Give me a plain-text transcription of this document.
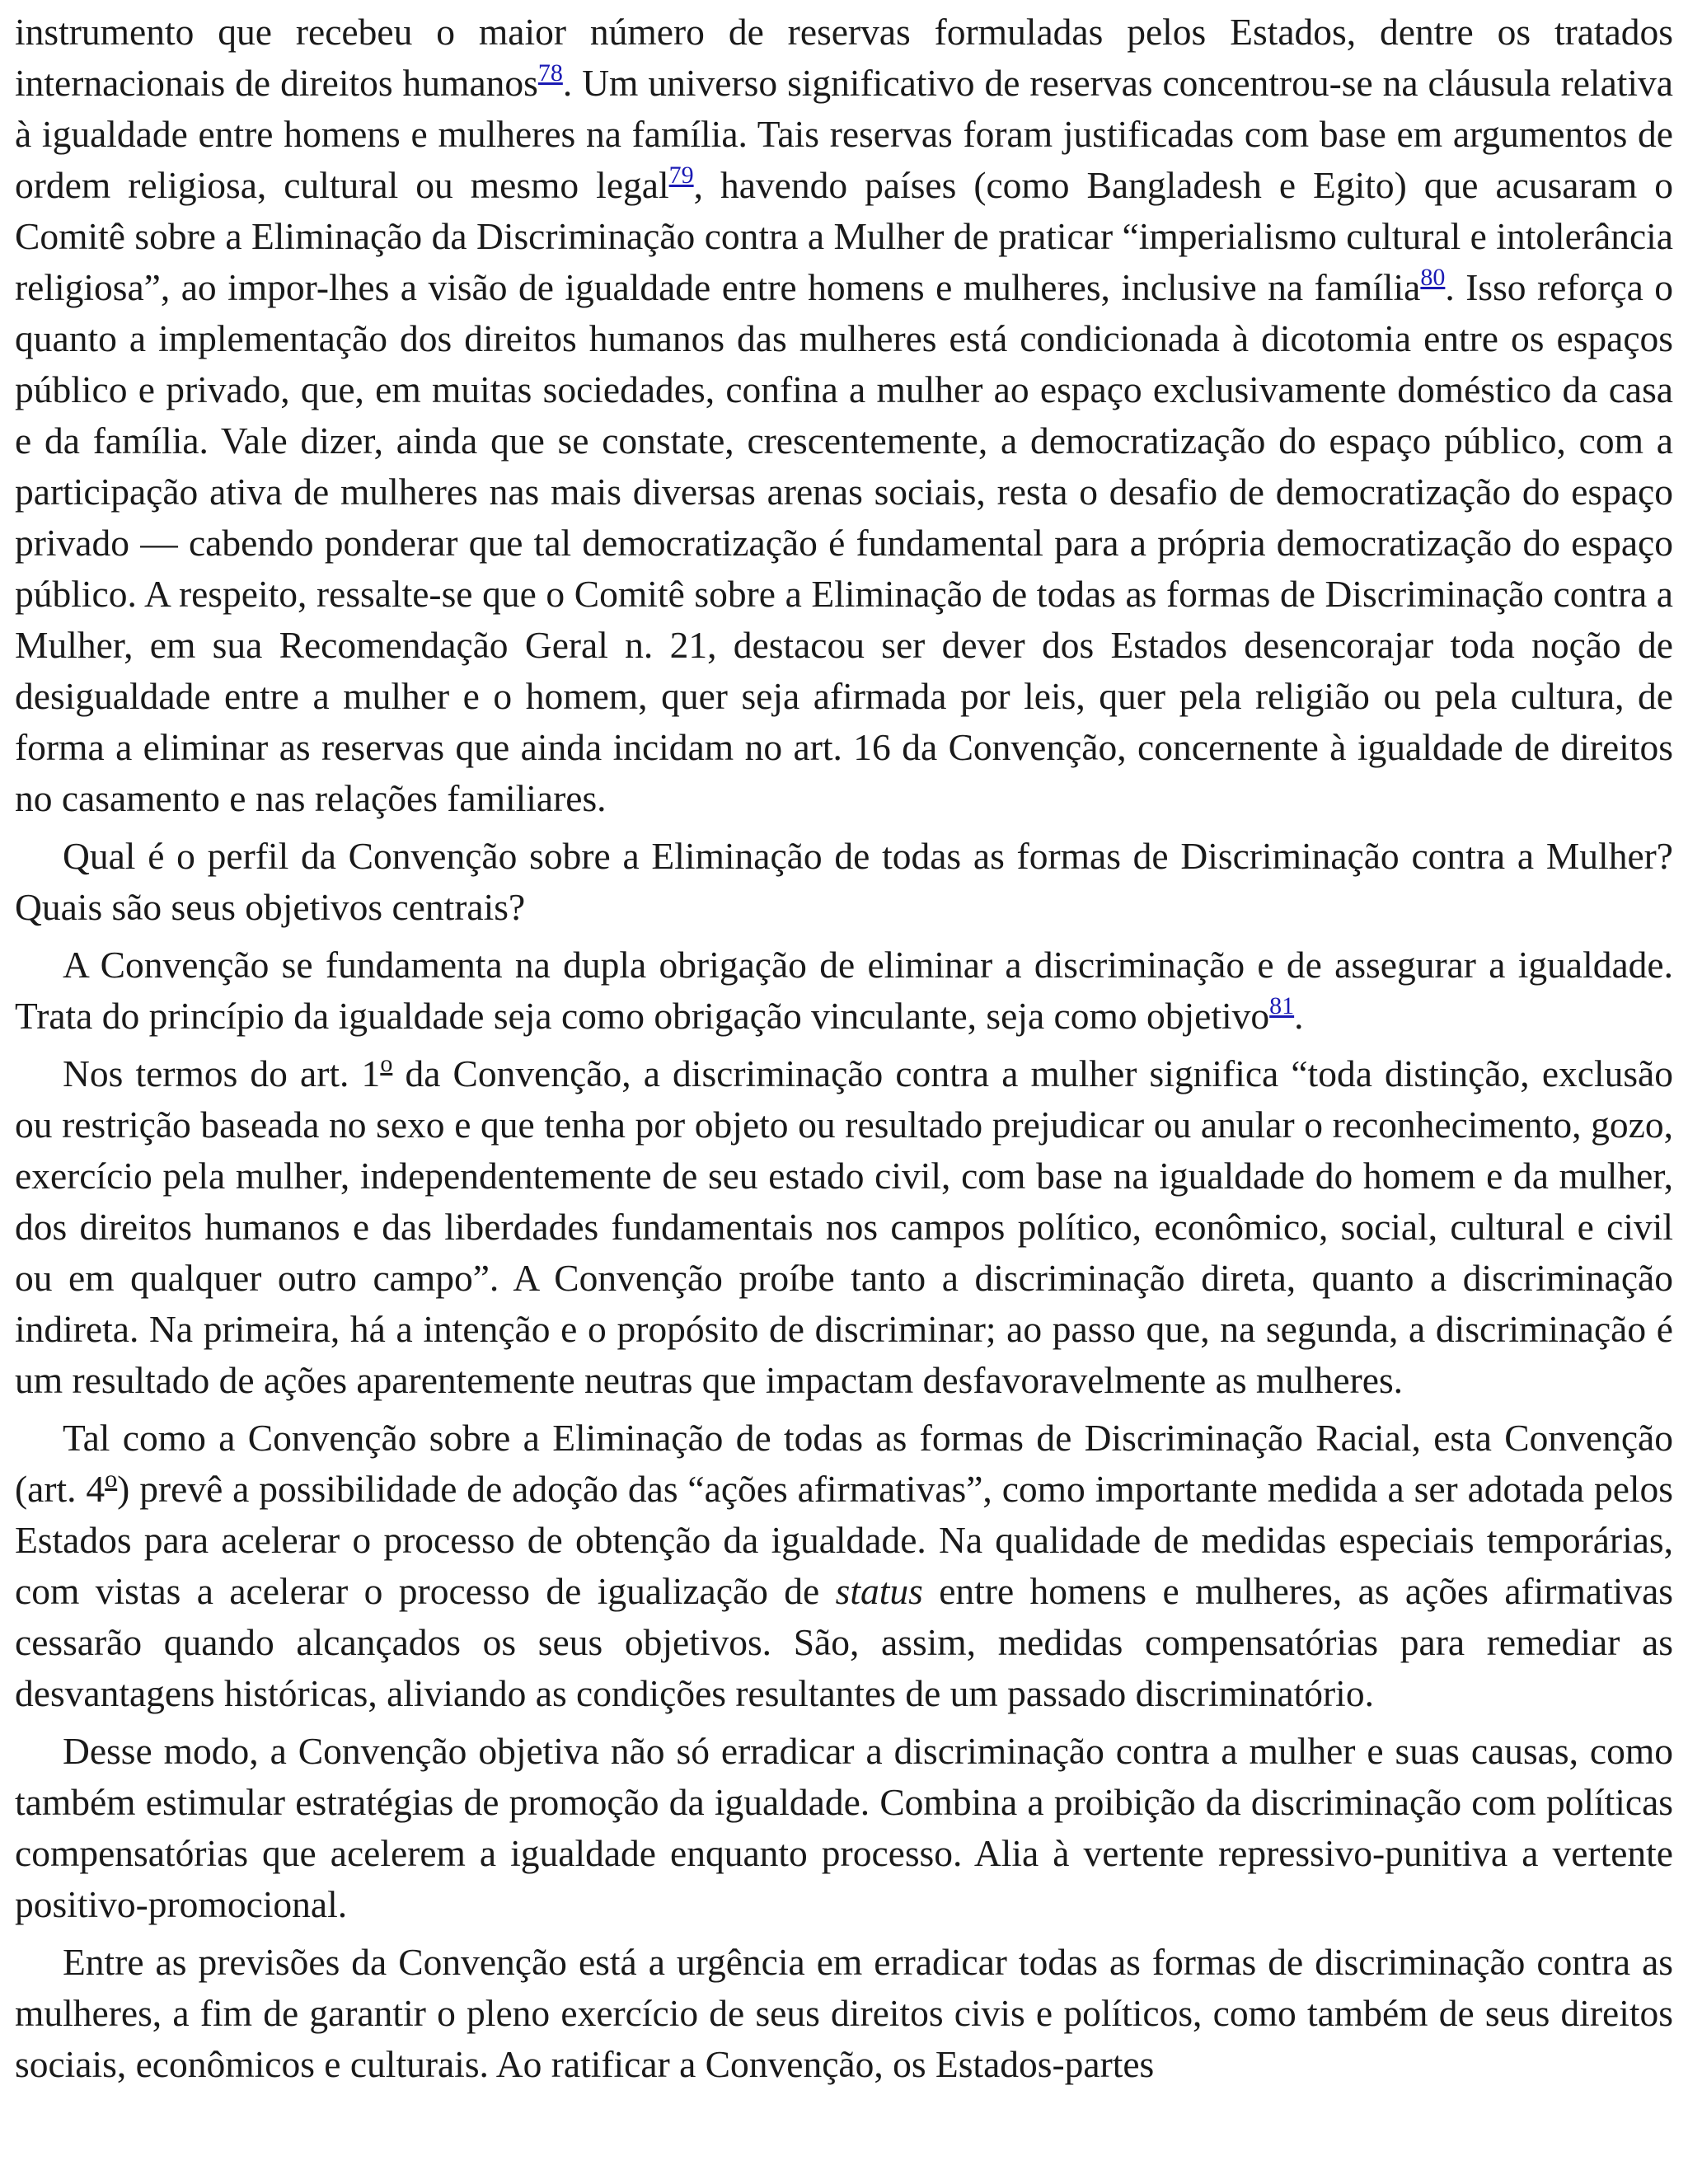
instrumento que recebeu o maior número de reservas formuladas pelos Estados, dentre os tratados internacionais de direitos humanos$^{78}$. Um universo significativo de reservas concentrou-se na cláusula relativa à igualdade entre homens e mulheres na família. Tais reservas foram justificadas com base em argumentos de ordem religiosa, cultural ou mesmo legal$^{79}$, havendo países (como Bangladesh e Egito) que acusaram o Comitê sobre a Eliminação da Discriminação contra a Mulher de praticar “imperialismo cultural e intolerância religiosa”, ao impor-lhes a visão de igualdade entre homens e mulheres, inclusive na família$^{80}$. Isso reforça o quanto a implementação dos direitos humanos das mulheres está condicionada à dicotomia entre os espaços público e privado, que, em muitas sociedades, confina a mulher ao espaço exclusivamente doméstico da casa e da família. Vale dizer, ainda que se constate, crescentemente, a democratização do espaço público, com a participação ativa de mulheres nas mais diversas arenas sociais, resta o desafio de democratização do espaço privado — cabendo ponderar que tal democratização é fundamental para a própria democratização do espaço público. A respeito, ressalte-se que o Comitê sobre a Eliminação de todas as formas de Discriminação contra a Mulher, em sua Recomendação Geral n. 21, destacou ser dever dos Estados desencorajar toda noção de desigualdade entre a mulher e o homem, quer seja afirmada por leis, quer pela religião ou pela cultura, de forma a eliminar as reservas que ainda incidam no art. 16 da Convenção, concernente à igualdade de direitos no casamento e nas relações familiares.

Qual é o perfil da Convenção sobre a Eliminação de todas as formas de Discriminação contra a Mulher? Quais são seus objetivos centrais?

A Convenção se fundamenta na dupla obrigação de eliminar a discriminação e de assegurar a igualdade. Trata do princípio da igualdade seja como obrigação vinculante, seja como objetivo$^{81}$.

Nos termos do art. 1$^o$ da Convenção, a discriminação contra a mulher significa “toda distinção, exclusão ou restrição baseada no sexo e que tenha por objeto ou resultado prejudicar ou anular o reconhecimento, gozo, exercício pela mulher, independentemente de seu estado civil, com base na igualdade do homem e da mulher, dos direitos humanos e das liberdades fundamentais nos campos político, econômico, social, cultural e civil ou em qualquer outro campo”. A Convenção proíbe tanto a discriminação direta, quanto a discriminação indireta. Na primeira, há a intenção e o propósito de discriminar; ao passo que, na segunda, a discriminação é um resultado de ações aparentemente neutras que impactam desfavoravelmente as mulheres.

Tal como a Convenção sobre a Eliminação de todas as formas de Discriminação Racial, esta Convenção (art. 4$^o$) prevê a possibilidade de adoção das “ações afirmativas”, como importante medida a ser adotada pelos Estados para acelerar o processo de obtenção da igualdade. Na qualidade de medidas especiais temporárias, com vistas a acelerar o processo de igualização de status entre homens e mulheres, as ações afirmativas cessarão quando alcançados os seus objetivos. São, assim, medidas compensatórias para remediar as desvantagens históricas, aliviando as condições resultantes de um passado discriminatório.

Desse modo, a Convenção objetiva não só erradicar a discriminação contra a mulher e suas causas, como também estimular estratégias de promoção da igualdade. Combina a proibição da discriminação com políticas compensatórias que acelerem a igualdade enquanto processo. Alia à vertente repressivo-punitiva a vertente positivo-promocional.

Entre as previsões da Convenção está a urgência em erradicar todas as formas de discriminação contra as mulheres, a fim de garantir o pleno exercício de seus direitos civis e políticos, como também de seus direitos sociais, econômicos e culturais. Ao ratificar a Convenção, os Estados-partes
